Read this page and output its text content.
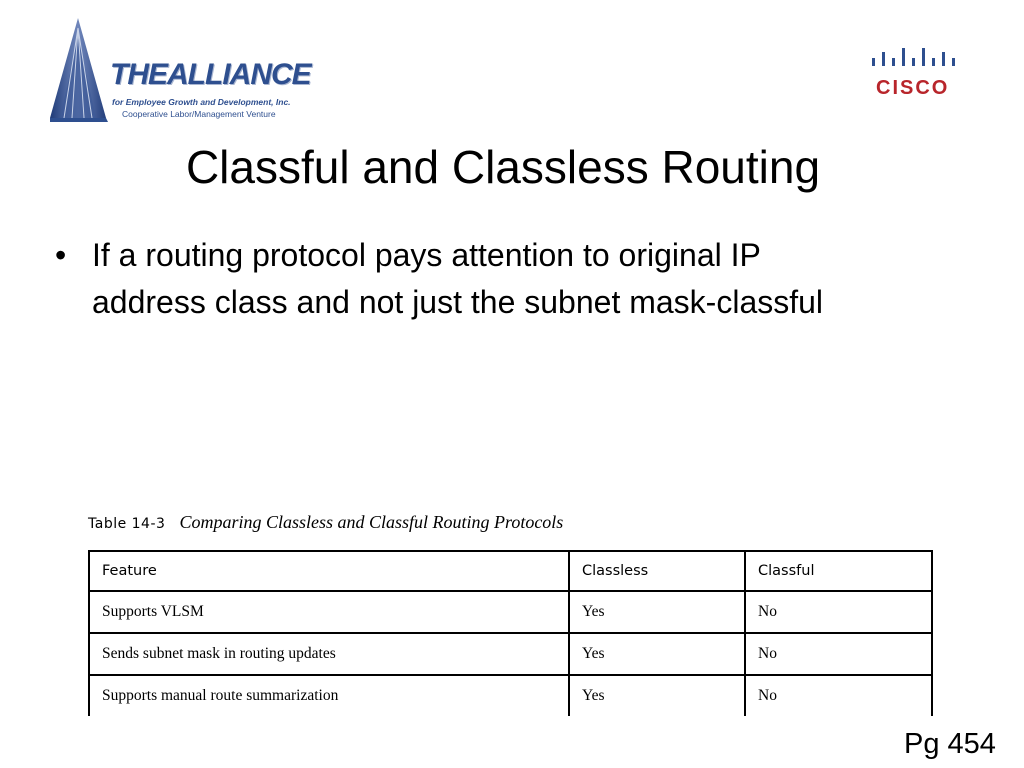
THEALLIANCE
for Employee Growth and Development, Inc.
Cooperative Labor/Management Venture
CISCO
Classful and Classless Routing
• If a routing protocol pays attention to original IP address class and not just the subnet mask-classful
Table 14-3 Comparing Classless and Classful Routing Protocols
Feature	Classless	Classful
Supports VLSM	Yes	No
Sends subnet mask in routing updates	Yes	No
Supports manual route summarization	Yes	No
Pg 454
